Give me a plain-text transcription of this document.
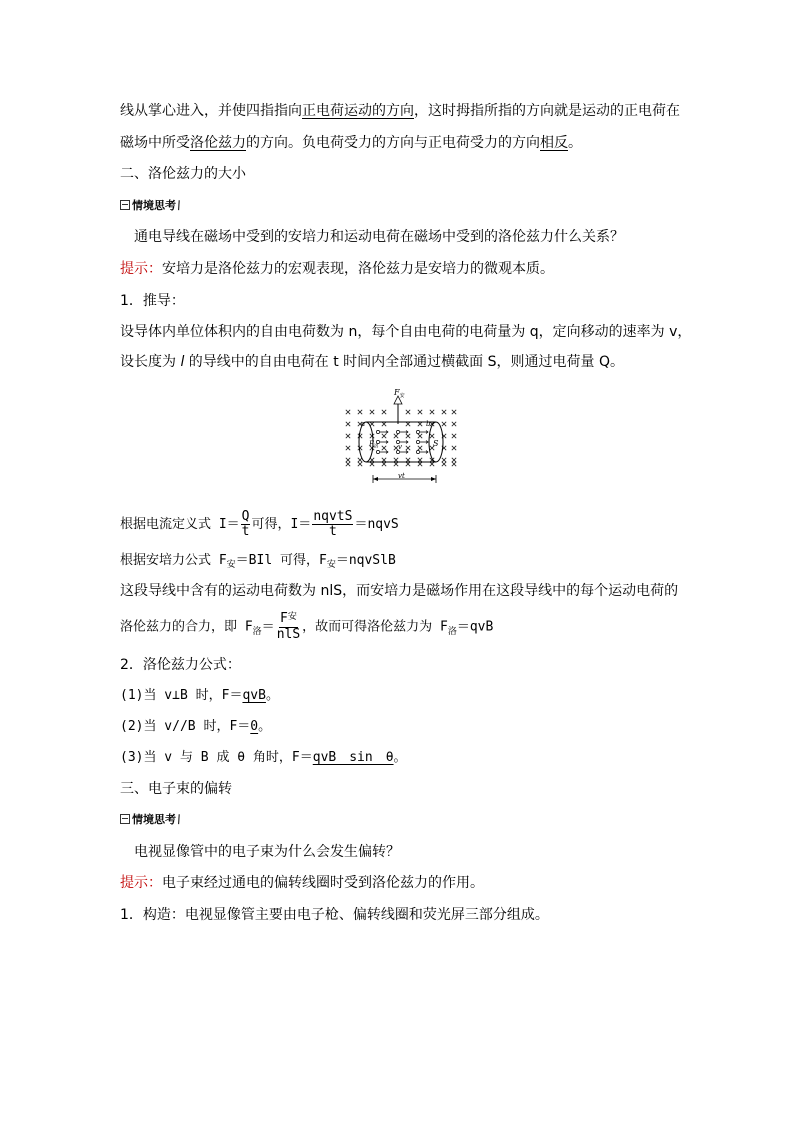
线从掌心进入，并使四指指向正电荷运动的方向，这时拇指所指的方向就是运动的正电荷在
磁场中所受洛伦兹力的方向。负电荷受力的方向与正电荷受力的方向相反。
二、洛伦兹力的大小
情境思考
\
通电导线在磁场中受到的安培力和运动电荷在磁场中受到的洛伦兹力什么关系？
提示：安培力是洛伦兹力的宏观表现，洛伦兹力是安培力的微观本质。
1．推导：
设导体内单位体积内的自由电荷数为 n，每个自由电荷的电荷量为 q，定向移动的速率为 v，
设长度为 l 的导线中的自由电荷在 t 时间内全部通过横截面 S，则通过电荷量 Q。
$F_安$
a	b
S
$F_洛$	v
I
vt
根据电流定义式 $I= \frac{Q}{t}$ 可得，$I= \frac{\text{nqvtS}}{t}$ ＝nqvS
根据安培力公式 $F_安=BIl$ 可得，$F_安=nqvSlB$
这段导线中含有的运动电荷数为 nlS，而安培力是磁场作用在这段导线中的每个运动电荷的
洛伦兹力的合力，即 $F_洛= \frac{F^安}{\text{nlS}}$ ，故而可得洛伦兹力为 $F_洛=qvB$
2．洛伦兹力公式：
(1)当 v⊥B 时，F＝qvB。
(2)当 v//B 时，F＝0。
(3)当 v 与 B 成 θ 角时，F＝qvB　sin　θ。
三、电子束的偏转
情境思考
\
电视显像管中的电子束为什么会发生偏转？
提示：电子束经过通电的偏转线圈时受到洛伦兹力的作用。
1．构造：电视显像管主要由电子枪、偏转线圈和荧光屏三部分组成。
